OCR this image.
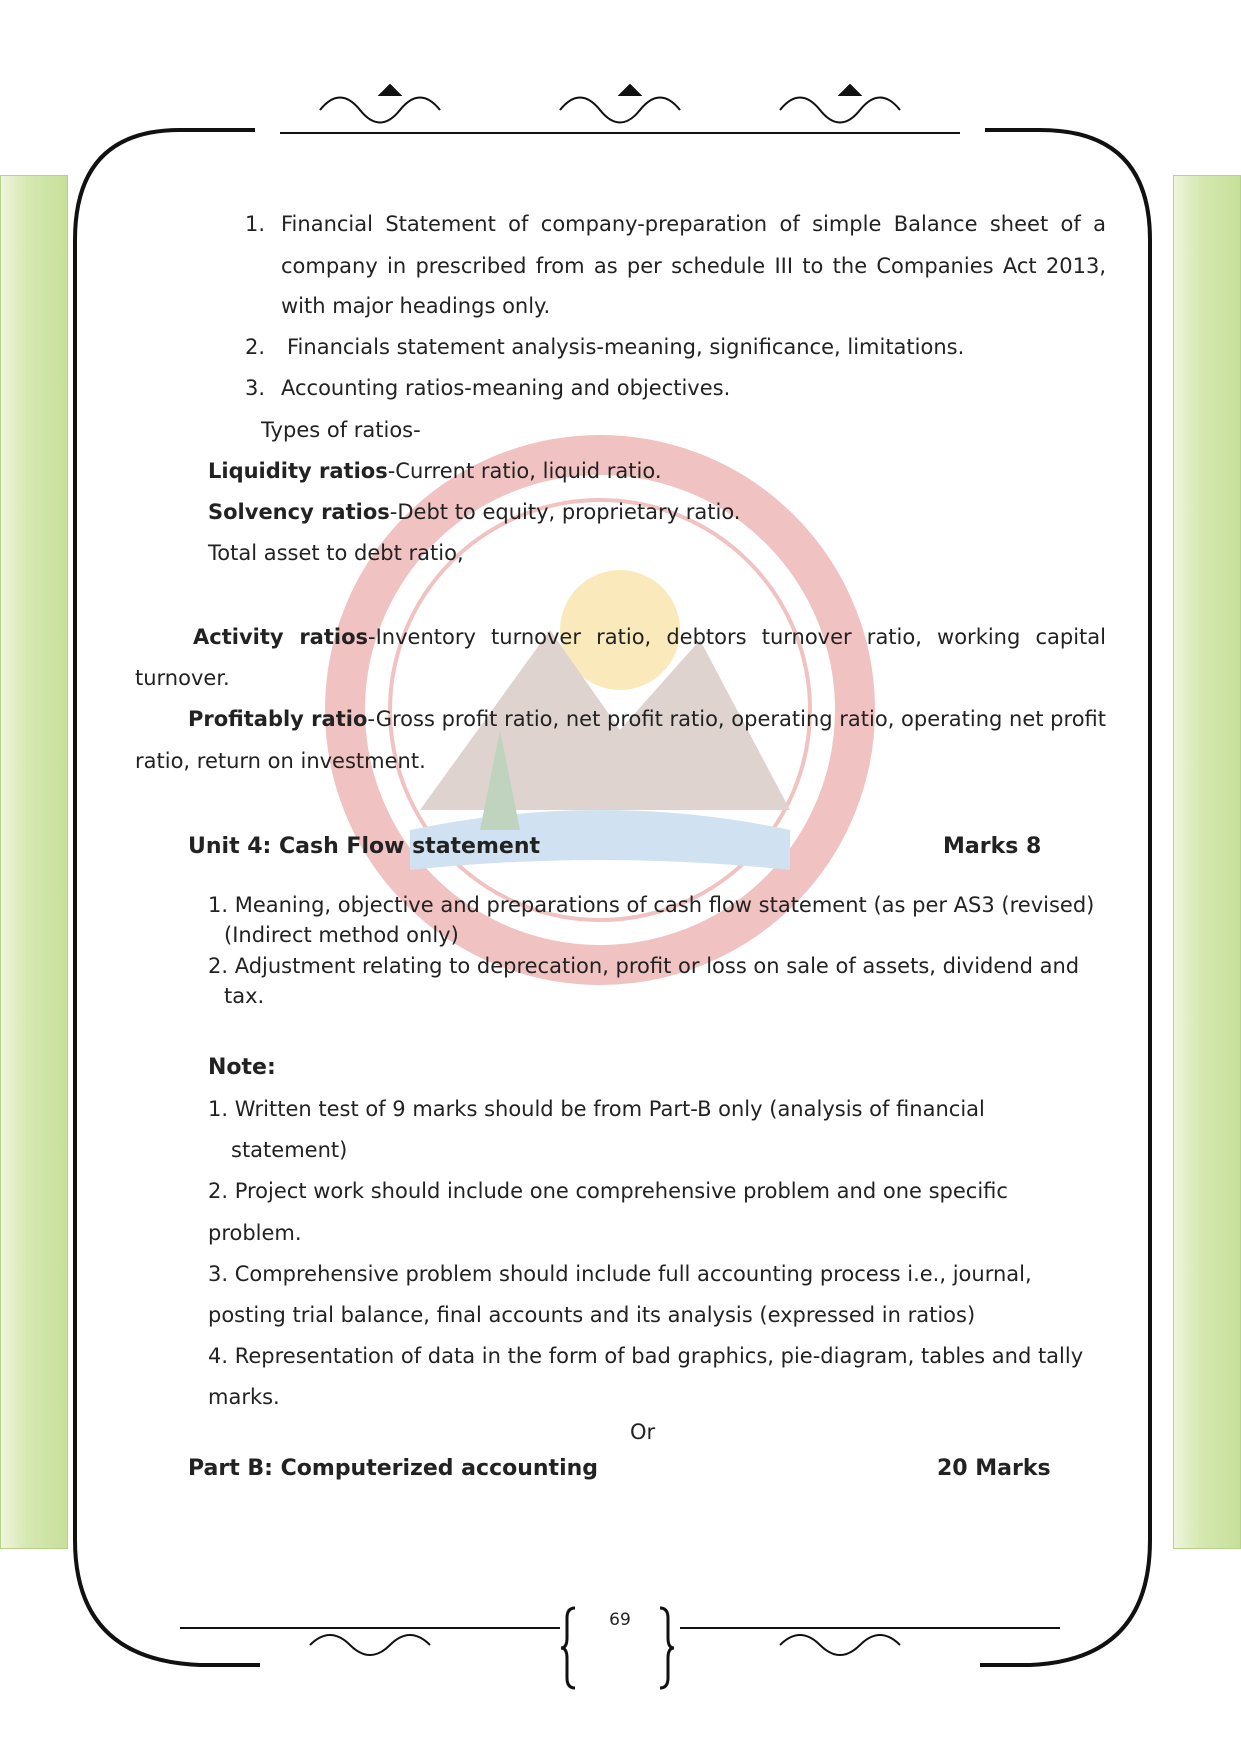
1. Financial Statement of company-preparation of simple Balance sheet of a
company in prescribed from as per schedule III to the Companies Act 2013,
with major headings only.
2. Financials statement analysis-meaning, significance, limitations.
3. Accounting ratios-meaning and objectives.
Types of ratios-
Liquidity ratios-Current ratio, liquid ratio.
Solvency ratios-Debt to equity, proprietary ratio.
Total asset to debt ratio,
Activity ratios-Inventory turnover ratio, debtors turnover ratio, working capital
turnover.
Profitably ratio-Gross profit ratio, net profit ratio, operating ratio, operating net profit
ratio, return on investment.
Unit 4: Cash Flow statement	Marks 8
1. Meaning, objective and preparations of cash flow statement (as per AS3 (revised)
(Indirect method only)
2. Adjustment relating to deprecation, profit or loss on sale of assets, dividend and
tax.
Note:
1. Written test of 9 marks should be from Part-B only (analysis of financial
statement)
2. Project work should include one comprehensive problem and one specific
problem.
3. Comprehensive problem should include full accounting process i.e., journal,
posting trial balance, final accounts and its analysis (expressed in ratios)
4. Representation of data in the form of bad graphics, pie-diagram, tables and tally
marks.
Or
Part B: Computerized accounting	20 Marks
69
